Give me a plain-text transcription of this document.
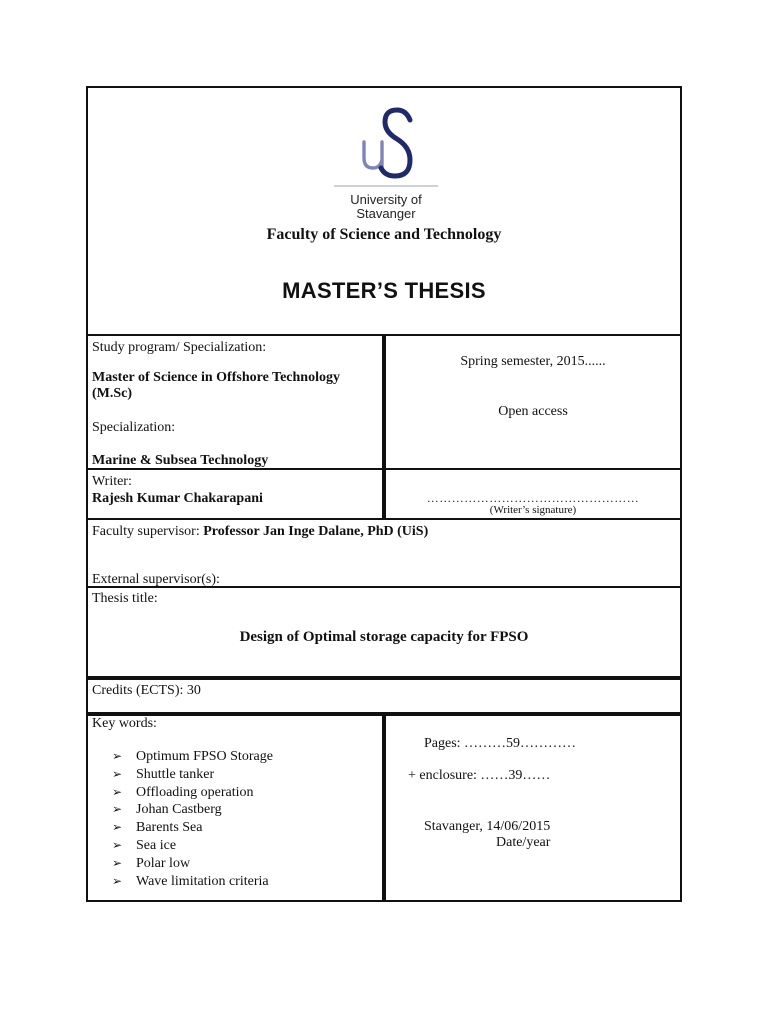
University of
Stavanger
Faculty of Science and Technology
MASTER’S THESIS
Study program/ Specialization:
Master of Science in Offshore Technology
(M.Sc)
Specialization:
Marine & Subsea Technology
Spring semester, 2015......
Open access
Writer:
Rajesh Kumar Chakarapani	……………………………………………
(Writer’s signature)
Faculty supervisor: Professor Jan Inge Dalane, PhD (UiS)
External supervisor(s):
Thesis title:
Design of Optimal storage capacity for FPSO
Credits (ECTS): 30
Key words:
➢ Optimum FPSO Storage
➢ Shuttle tanker
➢ Offloading operation
➢ Johan Castberg
➢ Barents Sea
➢ Sea ice
➢ Polar low
➢ Wave limitation criteria
Pages: ………59…………
+ enclosure: ……39……
Stavanger, 14/06/2015
Date/year
